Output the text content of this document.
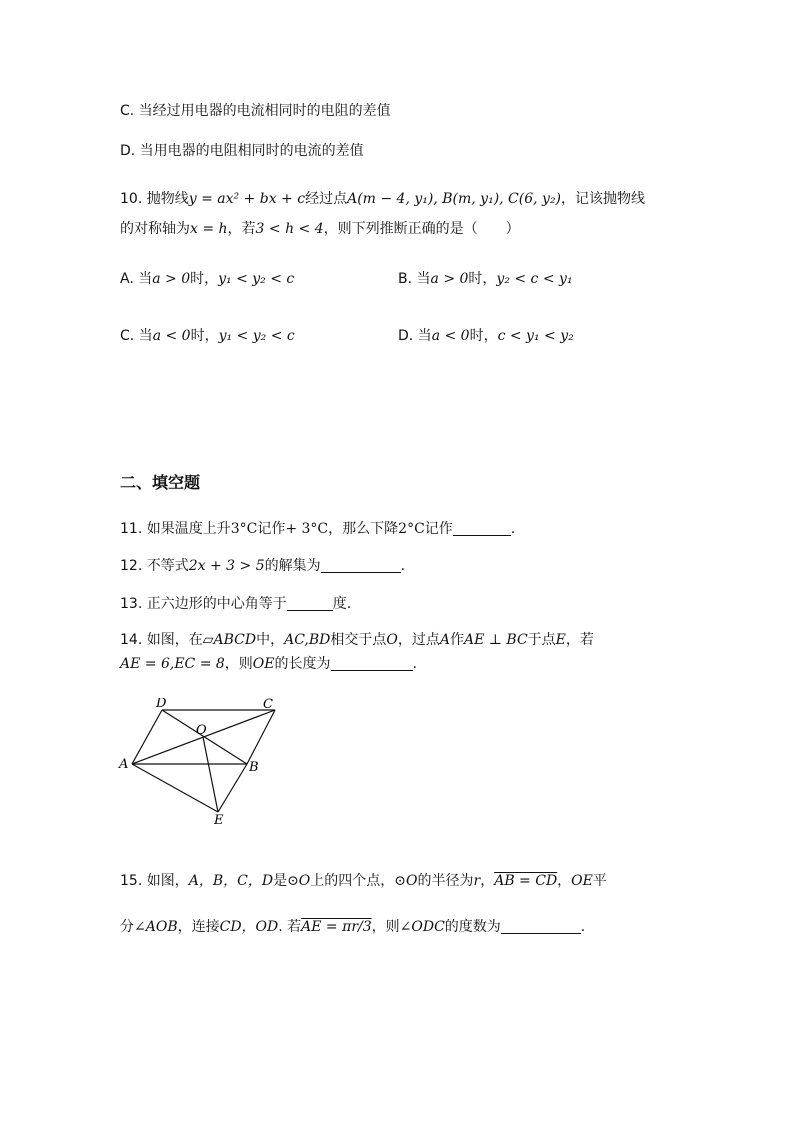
C. 当经过用电器的电流相同时的电阻的差值
D. 当用电器的电阻相同时的电流的差值
10. 抛物线y = ax² + bx + c经过点A(m − 4, y₁), B(m, y₁), C(6, y₂)，记该抛物线
的对称轴为x = h，若3 < h < 4，则下列推断正确的是（　　）
A. 当a > 0时，y₁ < y₂ < c	B. 当a > 0时，y₂ < c < y₁
C. 当a < 0时，y₁ < y₂ < c	D. 当a < 0时，c < y₁ < y₂
二、填空题
11. 如果温度上升3°C记作+ 3°C，那么下降2°C记作	.
12. 不等式2x + 3 > 5的解集为	.
13. 正六边形的中心角等于	度.
14. 如图，在▱ABCD中，AC,BD相交于点O，过点A作AE ⊥ BC于点E，若
AE = 6,EC = 8，则OE的长度为	.
D	C
O
A	B
E
15. 如图，A，B，C，D是⊙O上的四个点，⊙O的半径为r，AB = CD，OE平
分∠AOB，连接CD，OD. 若AE = πr/3，则∠ODC的度数为	.
